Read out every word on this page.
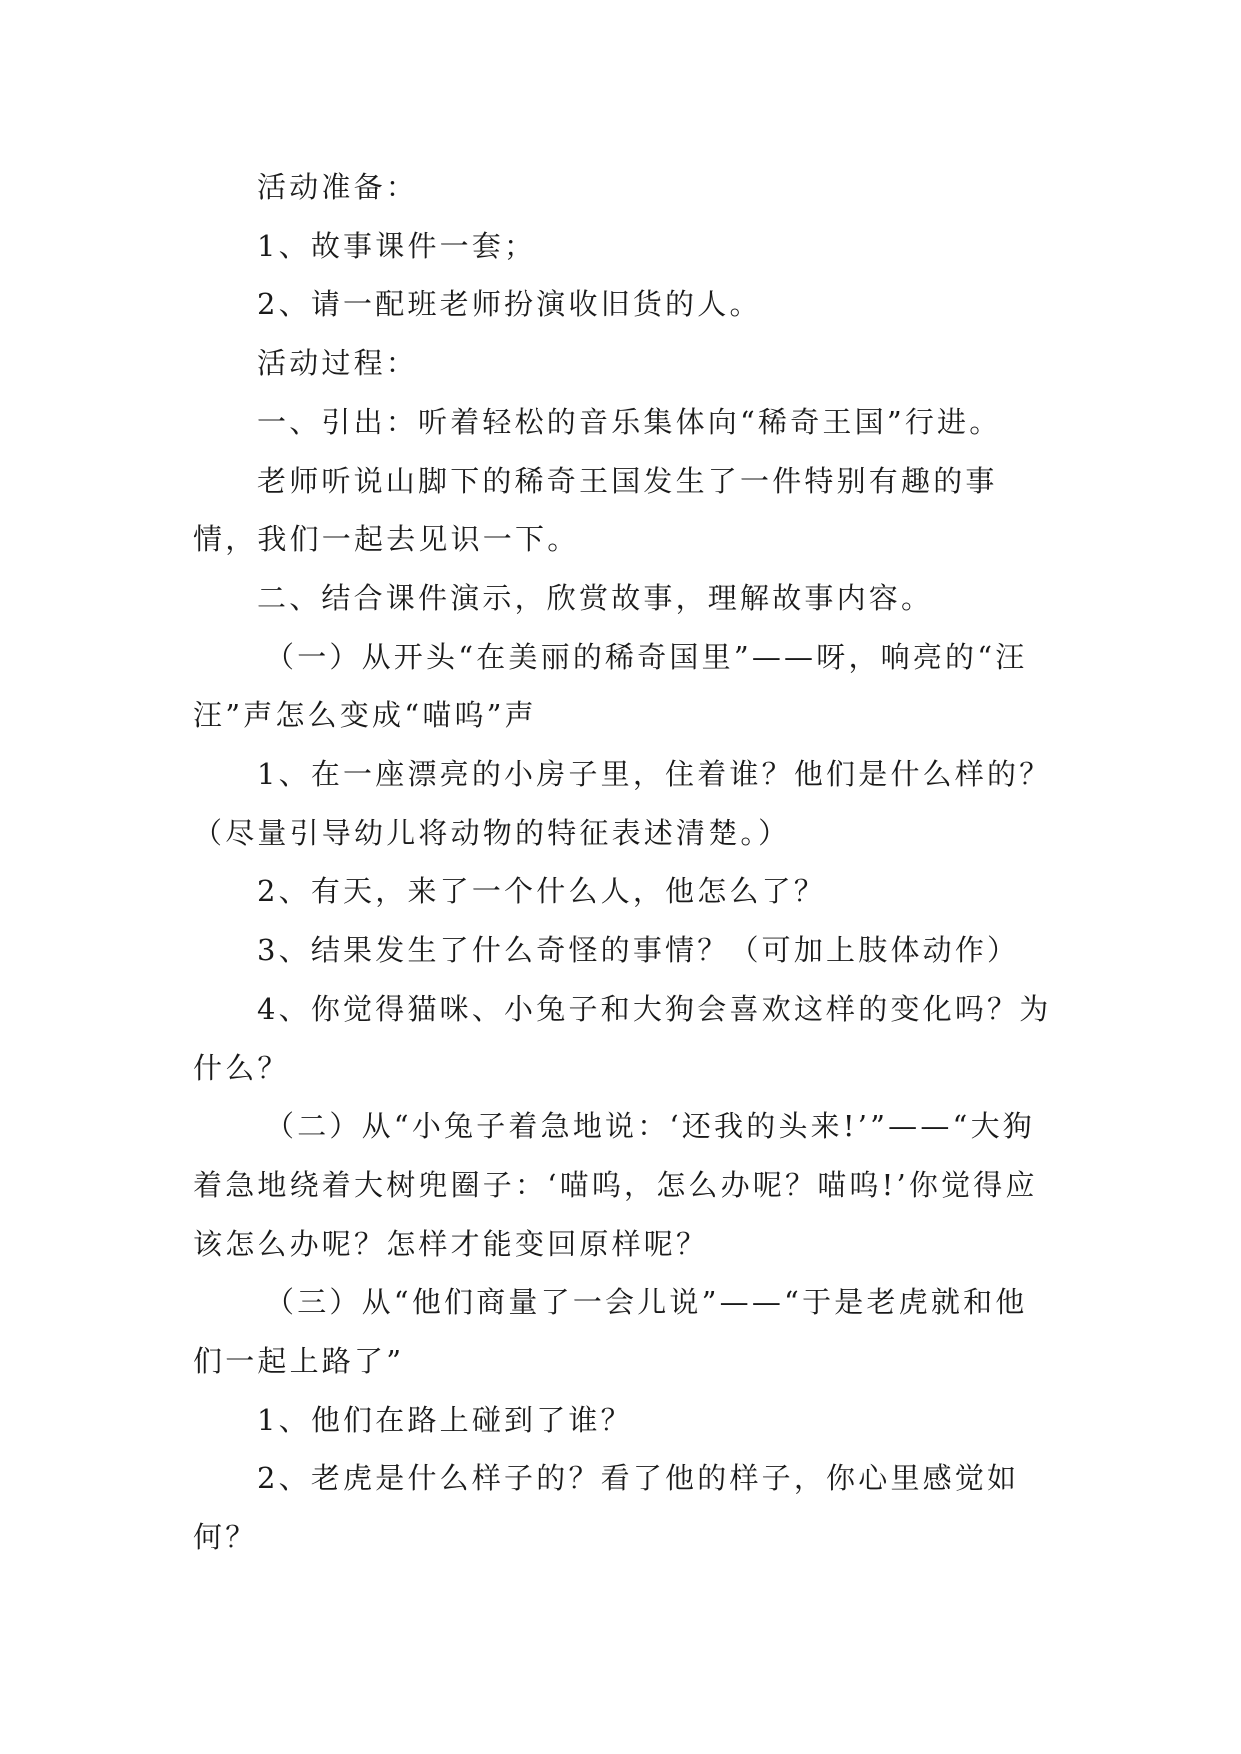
活动准备：

1、故事课件一套；

2、请一配班老师扮演收旧货的人。

活动过程：

一、引出：听着轻松的音乐集体向“稀奇王国”行进。

老师听说山脚下的稀奇王国发生了一件特别有趣的事情，我们一起去见识一下。

二、结合课件演示，欣赏故事，理解故事内容。

（一）从开头“在美丽的稀奇国里”——呀，响亮的“汪汪”声怎么变成“喵呜”声

1、在一座漂亮的小房子里，住着谁？他们是什么样的？（尽量引导幼儿将动物的特征表述清楚。）

2、有天，来了一个什么人，他怎么了？

3、结果发生了什么奇怪的事情？（可加上肢体动作）

4、你觉得猫咪、小兔子和大狗会喜欢这样的变化吗？为什么？

（二）从“小兔子着急地说：‘还我的头来!’”——“大狗着急地绕着大树兜圈子：‘喵呜，怎么办呢？喵呜!’你觉得应该怎么办呢？怎样才能变回原样呢？

（三）从“他们商量了一会儿说”——“于是老虎就和他们一起上路了”

1、他们在路上碰到了谁？

2、老虎是什么样子的？看了他的样子，你心里感觉如何？
